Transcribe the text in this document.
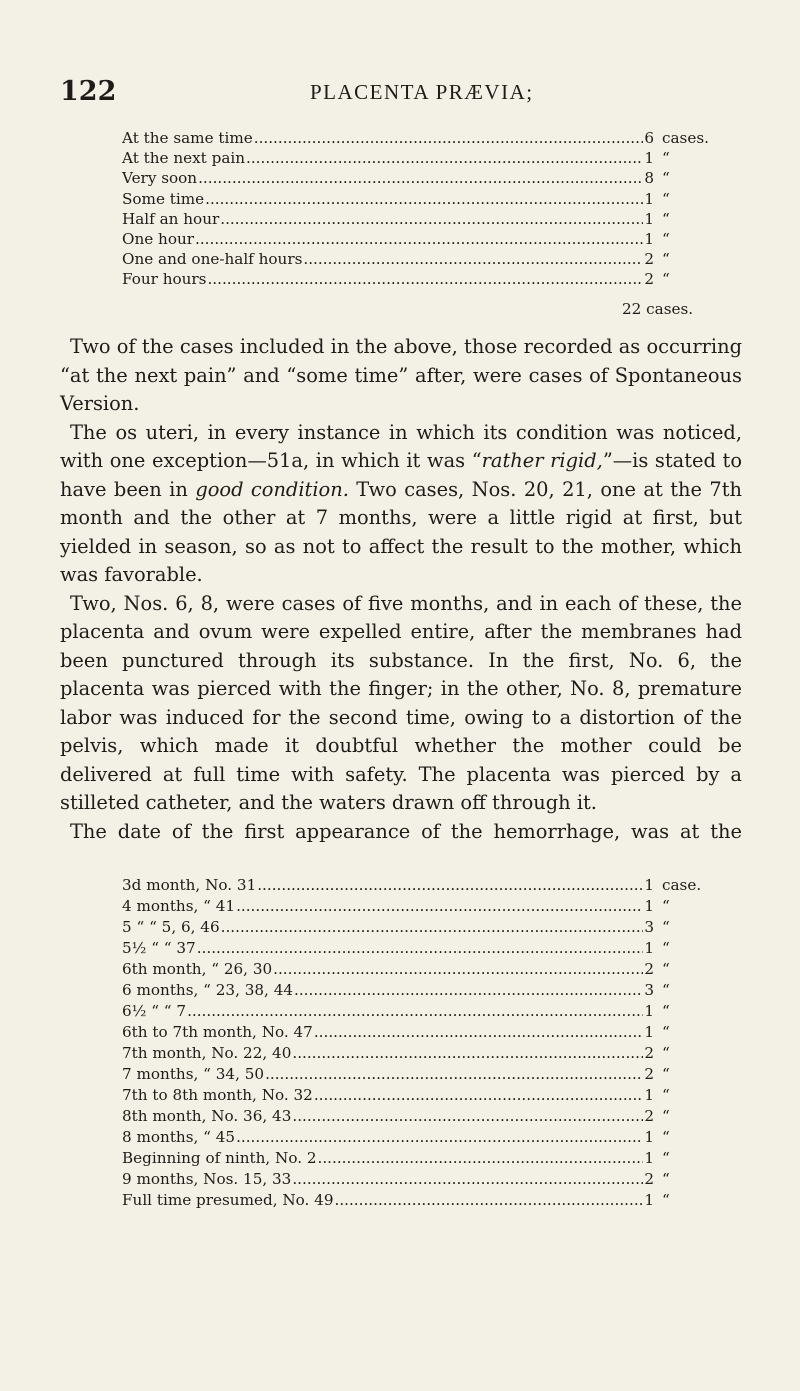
122	PLACENTA PRÆVIA;
At the same time .....	6 cases.
At the next pain .....	1 “
Very soon .....	8 “
Some time .....	1 “
Half an hour .....	1 “
One hour .....	1 “
One and one-half hours .....	2 “
Four hours .....	2 “
22 cases.

Two of the cases included in the above, those recorded as occurring “at the next pain” and “some time” after, were cases of Spontaneous Version.

The os uteri, in every instance in which its condition was noticed, with one exception—51a, in which it was “rather rigid,”—is stated to have been in good condition. Two cases, Nos. 20, 21, one at the 7th month and the other at 7 months, were a little rigid at first, but yielded in season, so as not to affect the result to the mother, which was favorable.

Two, Nos. 6, 8, were cases of five months, and in each of these, the placenta and ovum were expelled entire, after the membranes had been punctured through its substance. In the first, No. 6, the placenta was pierced with the finger; in the other, No. 8, premature labor was induced for the second time, owing to a distortion of the pelvis, which made it doubtful whether the mother could be delivered at full time with safety. The placenta was pierced by a stilleted catheter, and the waters drawn off through it.

The date of the first appearance of the hemorrhage, was at the

3d month, No. 31 .....	1 case.
4 months, “ 41 .....	1 “
5 “ “ 5, 6, 46 .....	3 “
5½ “ “ 37 .....	1 “
6th month, “ 26, 30 .....	2 “
6 months, “ 23, 38, 44 .....	3 “
6½ “ “ 7 .....	1 “
6th to 7th month, No. 47 .....	1 “
7th month, No. 22, 40 .....	2 “
7 months, “ 34, 50 .....	2 “
7th to 8th month, No. 32 .....	1 “
8th month, No. 36, 43 .....	2 “
8 months, “ 45 .....	1 “
Beginning of ninth, No. 2 .....	1 “
9 months, Nos. 15, 33 .....	2 “
Full time presumed, No. 49 .....	1 “
